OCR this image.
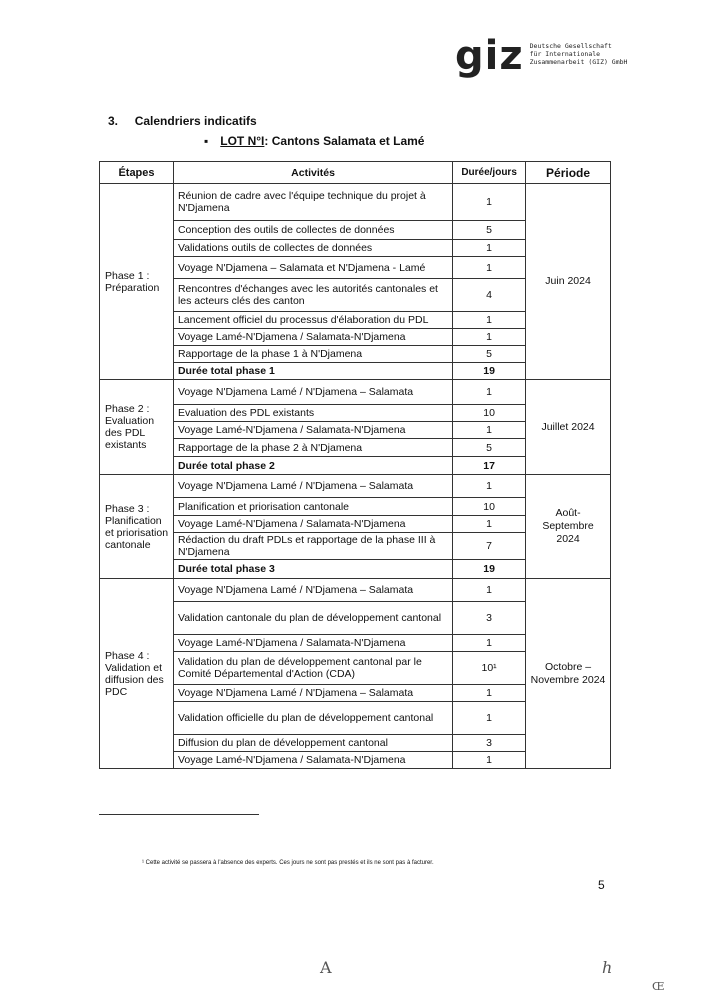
giz Deutsche Gesellschaft
für Internationale
Zusammenarbeit (GIZ) GmbH
3. Calendriers indicatifs
▪ LOT N°I: Cantons Salamata et Lamé
Étapes	Activités	Durée/jours	Période
Phase 1 : Préparation	Réunion de cadre avec l'équipe technique du projet à N'Djamena	1	Juin 2024
	Conception des outils de collectes de données	5	
	Validations outils de collectes de données	1	
	Voyage N'Djamena – Salamata et N'Djamena - Lamé	1	
	Rencontres d'échanges avec les autorités cantonales et les acteurs clés des canton	4	
	Lancement officiel du processus d'élaboration du PDL	1	
	Voyage Lamé-N'Djamena / Salamata-N'Djamena	1	
	Rapportage de la phase 1 à N'Djamena	5	
	Durée total phase 1	19	
Phase 2 : Evaluation des PDL existants	Voyage N'Djamena Lamé / N'Djamena – Salamata	1	Juillet 2024
	Evaluation des PDL existants	10	
	Voyage Lamé-N'Djamena / Salamata-N'Djamena	1	
	Rapportage de la phase 2 à N'Djamena	5	
	Durée total phase 2	17	
Phase 3 : Planification et priorisation cantonale	Voyage N'Djamena Lamé / N'Djamena – Salamata	1	Août-Septembre 2024
	Planification et priorisation cantonale	10	
	Voyage Lamé-N'Djamena / Salamata-N'Djamena	1	
	Rédaction du draft PDLs et rapportage de la phase III à N'Djamena	7	
	Durée total phase 3	19	
Phase 4 : Validation et diffusion des PDC	Voyage N'Djamena Lamé / N'Djamena – Salamata	1	Octobre – Novembre 2024
	Validation cantonale du plan de développement cantonal	3	
	Voyage Lamé-N'Djamena / Salamata-N'Djamena	1	
	Validation du plan de développement cantonal par le Comité Départemental d'Action (CDA)	10¹	
	Voyage N'Djamena Lamé / N'Djamena – Salamata	1	
	Validation officielle du plan de développement cantonal	1	
	Diffusion du plan de développement cantonal	3	
	Voyage Lamé-N'Djamena / Salamata-N'Djamena	1	
¹ Cette activité se passera à l'absence des experts. Ces jours ne sont pas prestés et ils ne sont pas à facturer.
5
A	ℎ
Œ
